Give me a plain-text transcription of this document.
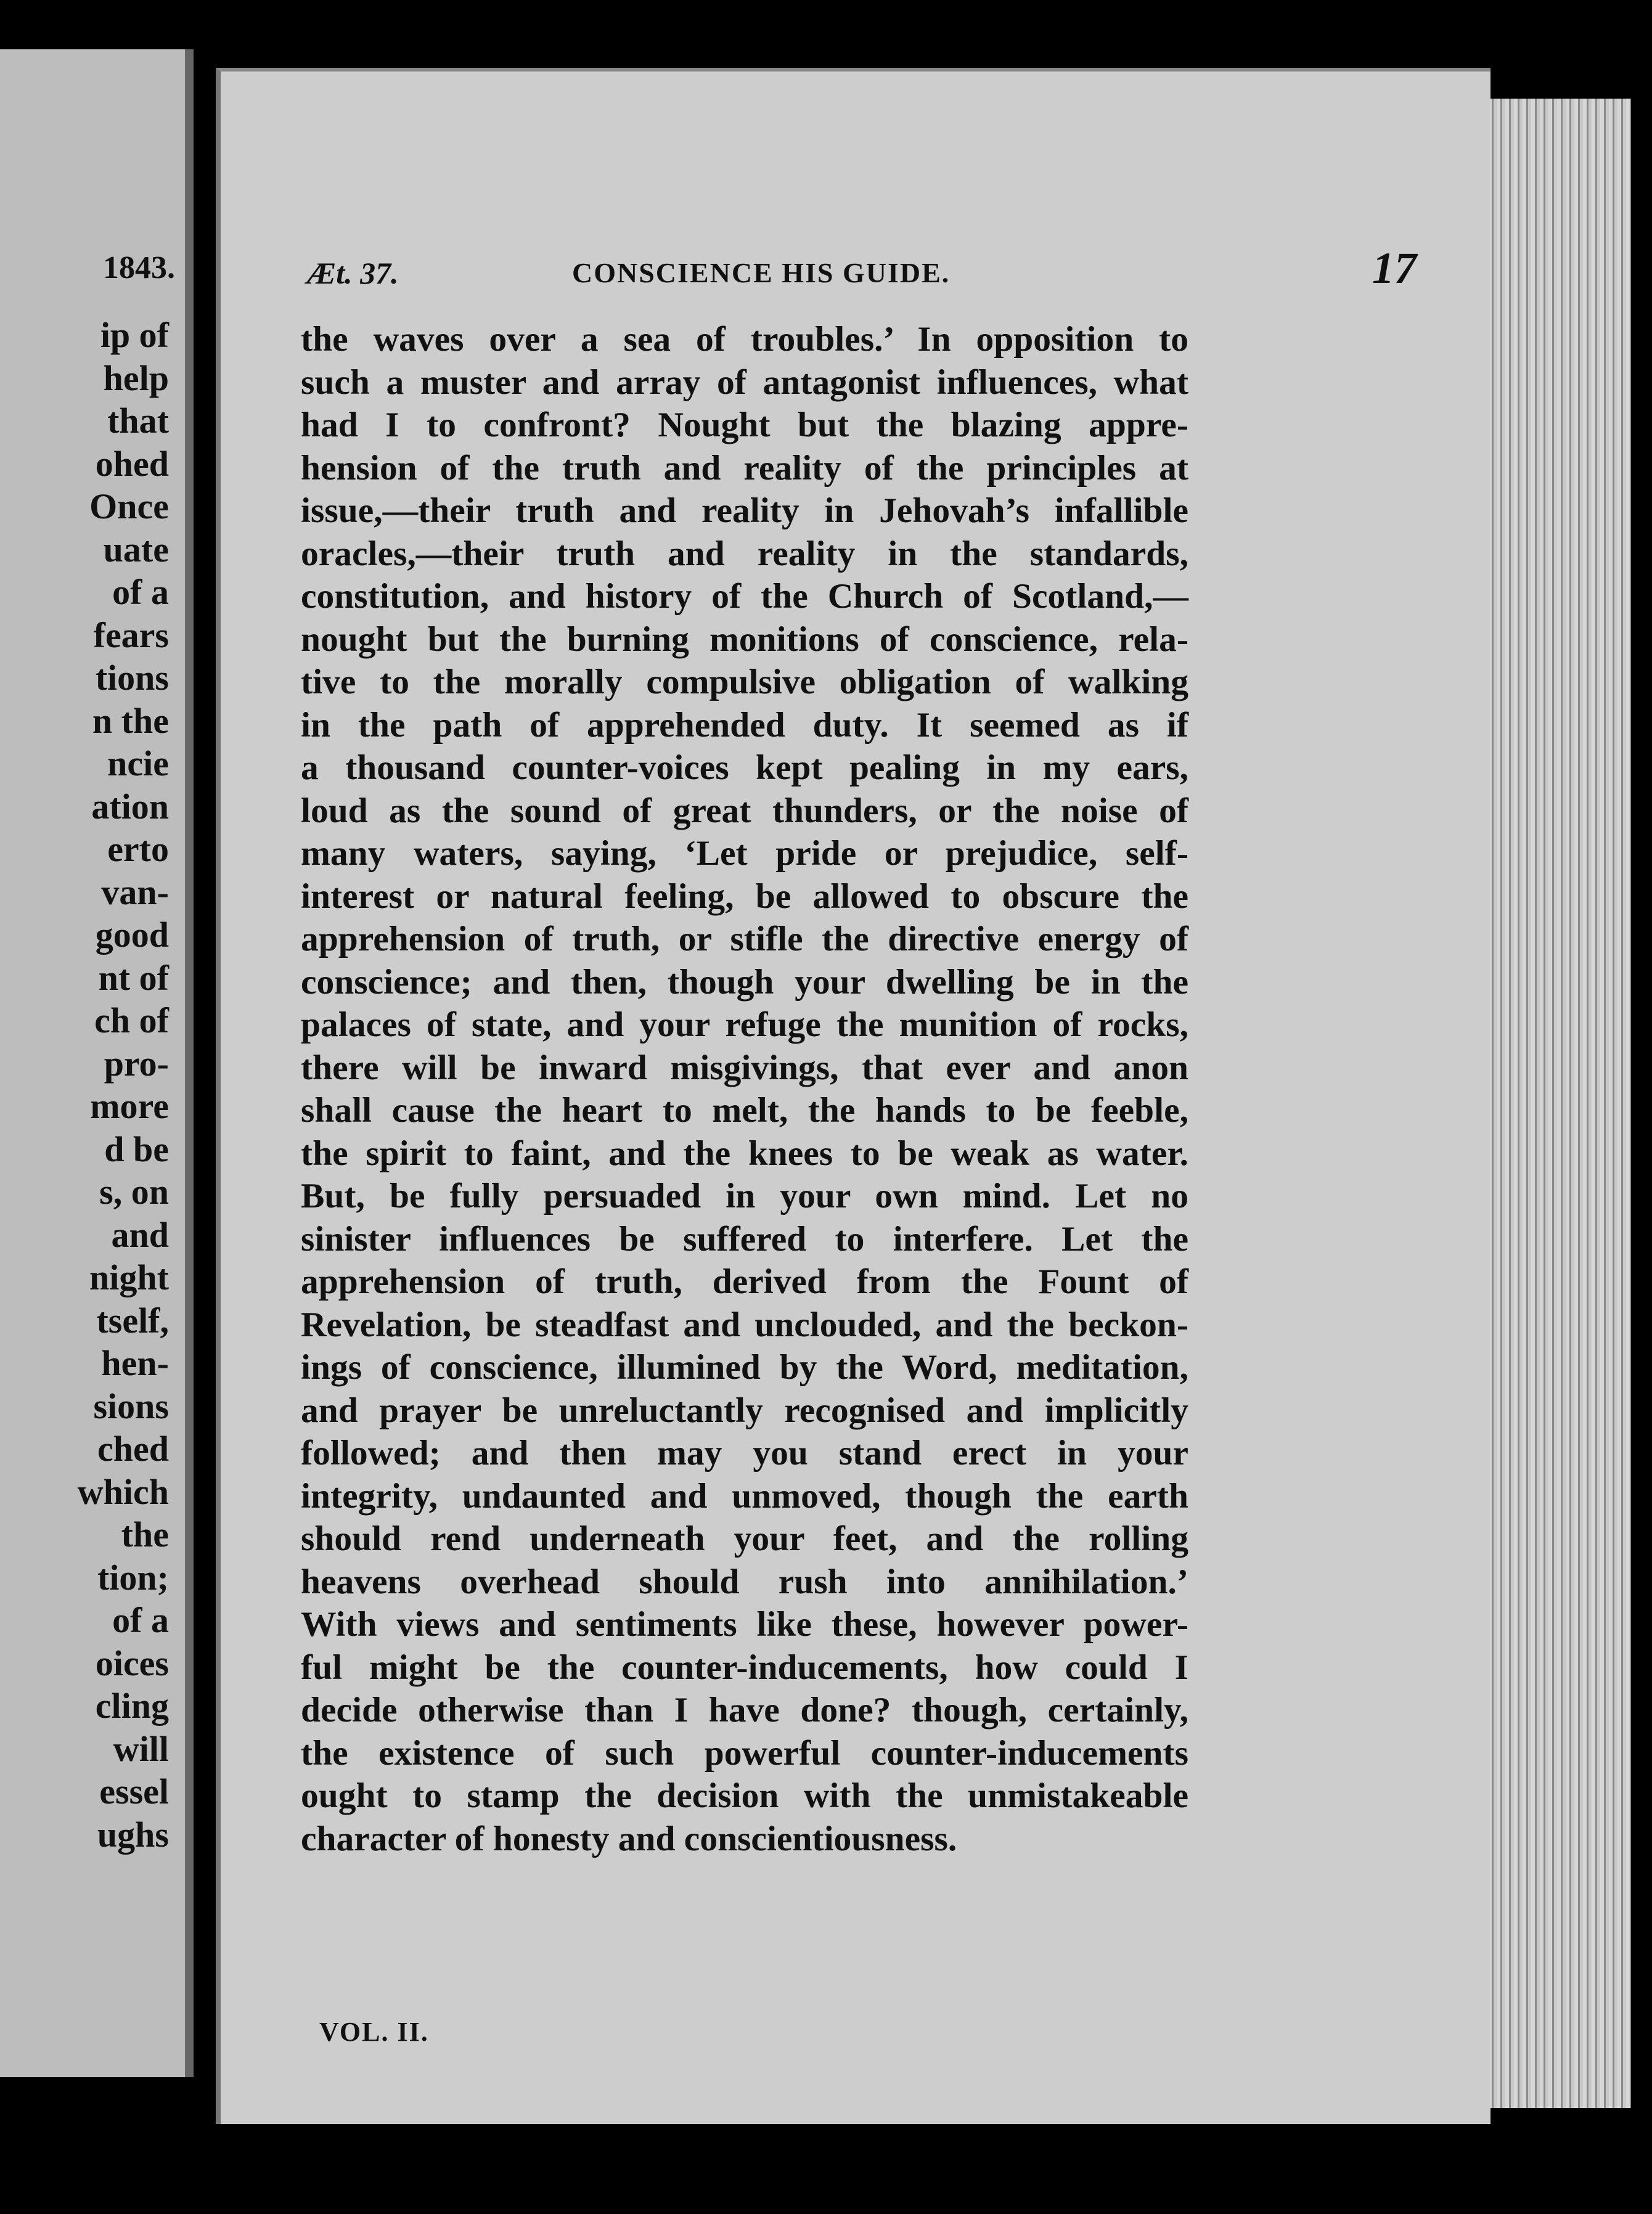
1843.

ip of

help

that

ohed

Once

uate

of a

fears

tions

n the

ncie

ation

erto

van-

good

nt of

ch of

pro-

more

d be

s, on

and

night

tself,

hen-

sions

ched

which

the

tion;

of a

oices

cling

will

essel

ughs

Æt. 37.	CONSCIENCE HIS GUIDE.	17
the waves over a sea of troubles.’ In opposition to
such a muster and array of antagonist influences, what
had I to confront? Nought but the blazing appre-
hension of the truth and reality of the principles at
issue,—their truth and reality in Jehovah’s infallible
oracles,—their truth and reality in the standards,
constitution, and history of the Church of Scotland,—
nought but the burning monitions of conscience, rela-
tive to the morally compulsive obligation of walking
in the path of apprehended duty. It seemed as if
a thousand counter-voices kept pealing in my ears,
loud as the sound of great thunders, or the noise of
many waters, saying, ‘Let pride or prejudice, self-
interest or natural feeling, be allowed to obscure the
apprehension of truth, or stifle the directive energy of
conscience; and then, though your dwelling be in the
palaces of state, and your refuge the munition of rocks,
there will be inward misgivings, that ever and anon
shall cause the heart to melt, the hands to be feeble,
the spirit to faint, and the knees to be weak as water.
But, be fully persuaded in your own mind. Let no
sinister influences be suffered to interfere. Let the
apprehension of truth, derived from the Fount of
Revelation, be steadfast and unclouded, and the beckon-
ings of conscience, illumined by the Word, meditation,
and prayer be unreluctantly recognised and implicitly
followed; and then may you stand erect in your
integrity, undaunted and unmoved, though the earth
should rend underneath your feet, and the rolling
heavens overhead should rush into annihilation.’
With views and sentiments like these, however power-
ful might be the counter-inducements, how could I
decide otherwise than I have done? though, certainly,
the existence of such powerful counter-inducements
ought to stamp the decision with the unmistakeable
character of honesty and conscientiousness.
VOL. II.
